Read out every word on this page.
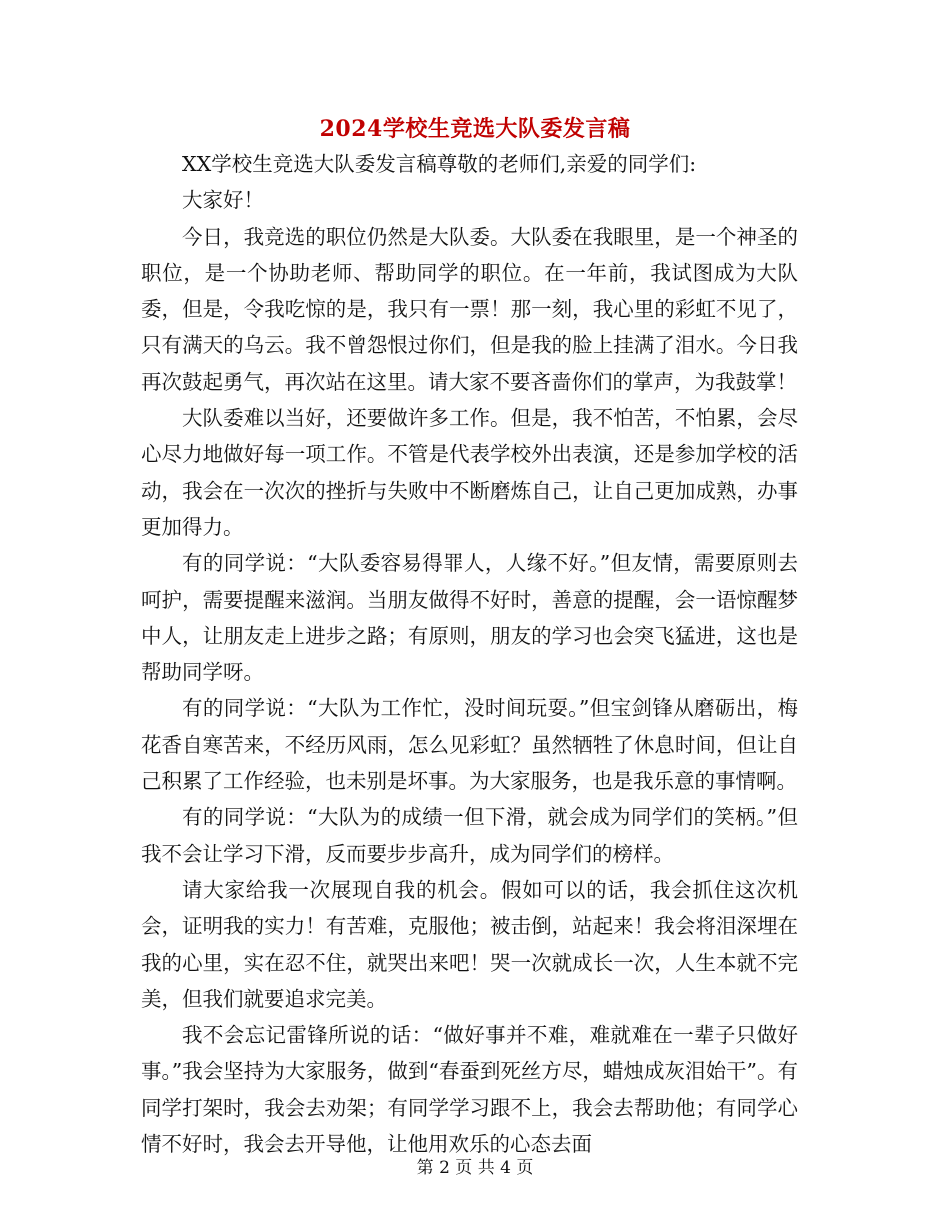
2024学校生竞选大队委发言稿

XX学校生竞选大队委发言稿尊敬的老师们,亲爱的同学们:

大家好！

今日，我竞选的职位仍然是大队委。大队委在我眼里，是一个神圣的职位，是一个协助老师、帮助同学的职位。在一年前，我试图成为大队委，但是，令我吃惊的是，我只有一票！那一刻，我心里的彩虹不见了，只有满天的乌云。我不曾怨恨过你们，但是我的脸上挂满了泪水。今日我再次鼓起勇气，再次站在这里。请大家不要吝啬你们的掌声，为我鼓掌！

大队委难以当好，还要做许多工作。但是，我不怕苦，不怕累，会尽心尽力地做好每一项工作。不管是代表学校外出表演，还是参加学校的活动，我会在一次次的挫折与失败中不断磨炼自己，让自己更加成熟，办事更加得力。

有的同学说：“大队委容易得罪人，人缘不好。”但友情，需要原则去呵护，需要提醒来滋润。当朋友做得不好时，善意的提醒，会一语惊醒梦中人，让朋友走上进步之路；有原则，朋友的学习也会突飞猛进，这也是帮助同学呀。

有的同学说：“大队为工作忙，没时间玩耍。”但宝剑锋从磨砺出，梅花香自寒苦来，不经历风雨，怎么见彩虹？虽然牺牲了休息时间，但让自己积累了工作经验，也未别是坏事。为大家服务，也是我乐意的事情啊。

有的同学说：“大队为的成绩一但下滑，就会成为同学们的笑柄。”但我不会让学习下滑，反而要步步高升，成为同学们的榜样。

请大家给我一次展现自我的机会。假如可以的话，我会抓住这次机会，证明我的实力！有苦难，克服他；被击倒，站起来！我会将泪深埋在我的心里，实在忍不住，就哭出来吧！哭一次就成长一次，人生本就不完美，但我们就要追求完美。

我不会忘记雷锋所说的话：“做好事并不难，难就难在一辈子只做好事。”我会坚持为大家服务，做到“春蚕到死丝方尽，蜡烛成灰泪始干”。有同学打架时，我会去劝架；有同学学习跟不上，我会去帮助他；有同学心情不好时，我会去开导他，让他用欢乐的心态去面

第 2 页 共 4 页
